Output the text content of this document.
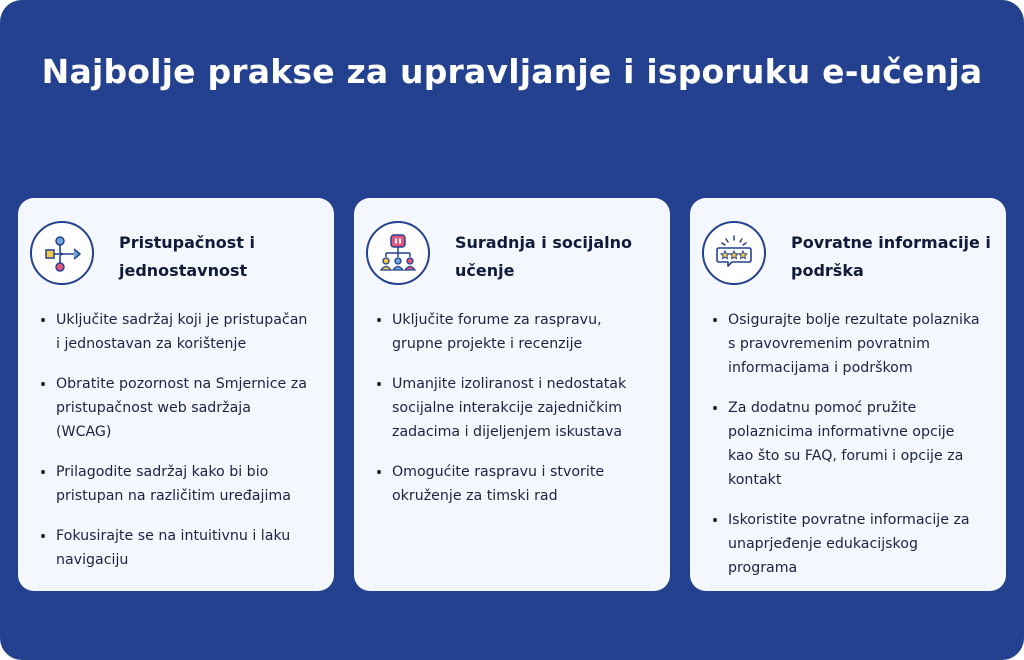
Najbolje prakse za upravljanje i isporuku e-učenja
Pristupačnost i
jednostavnost
Uključite sadržaj koji je pristupačan
i jednostavan za korištenje
Obratite pozornost na Smjernice za
pristupačnost web sadržaja
(WCAG)
Prilagodite sadržaj kako bi bio
pristupan na različitim uređajima
Fokusirajte se na intuitivnu i laku
navigaciju
Suradnja i socijalno
učenje
Uključite forume za raspravu,
grupne projekte i recenzije
Umanjite izoliranost i nedostatak
socijalne interakcije zajedničkim
zadacima i dijeljenjem iskustava
Omogućite raspravu i stvorite
okruženje za timski rad
Povratne informacije i
podrška
Osigurajte bolje rezultate polaznika
s pravovremenim povratnim
informacijama i podrškom
Za dodatnu pomoć pružite
polaznicima informativne opcije
kao što su FAQ, forumi i opcije za
kontakt
Iskoristite povratne informacije za
unaprjeđenje edukacijskog
programa
